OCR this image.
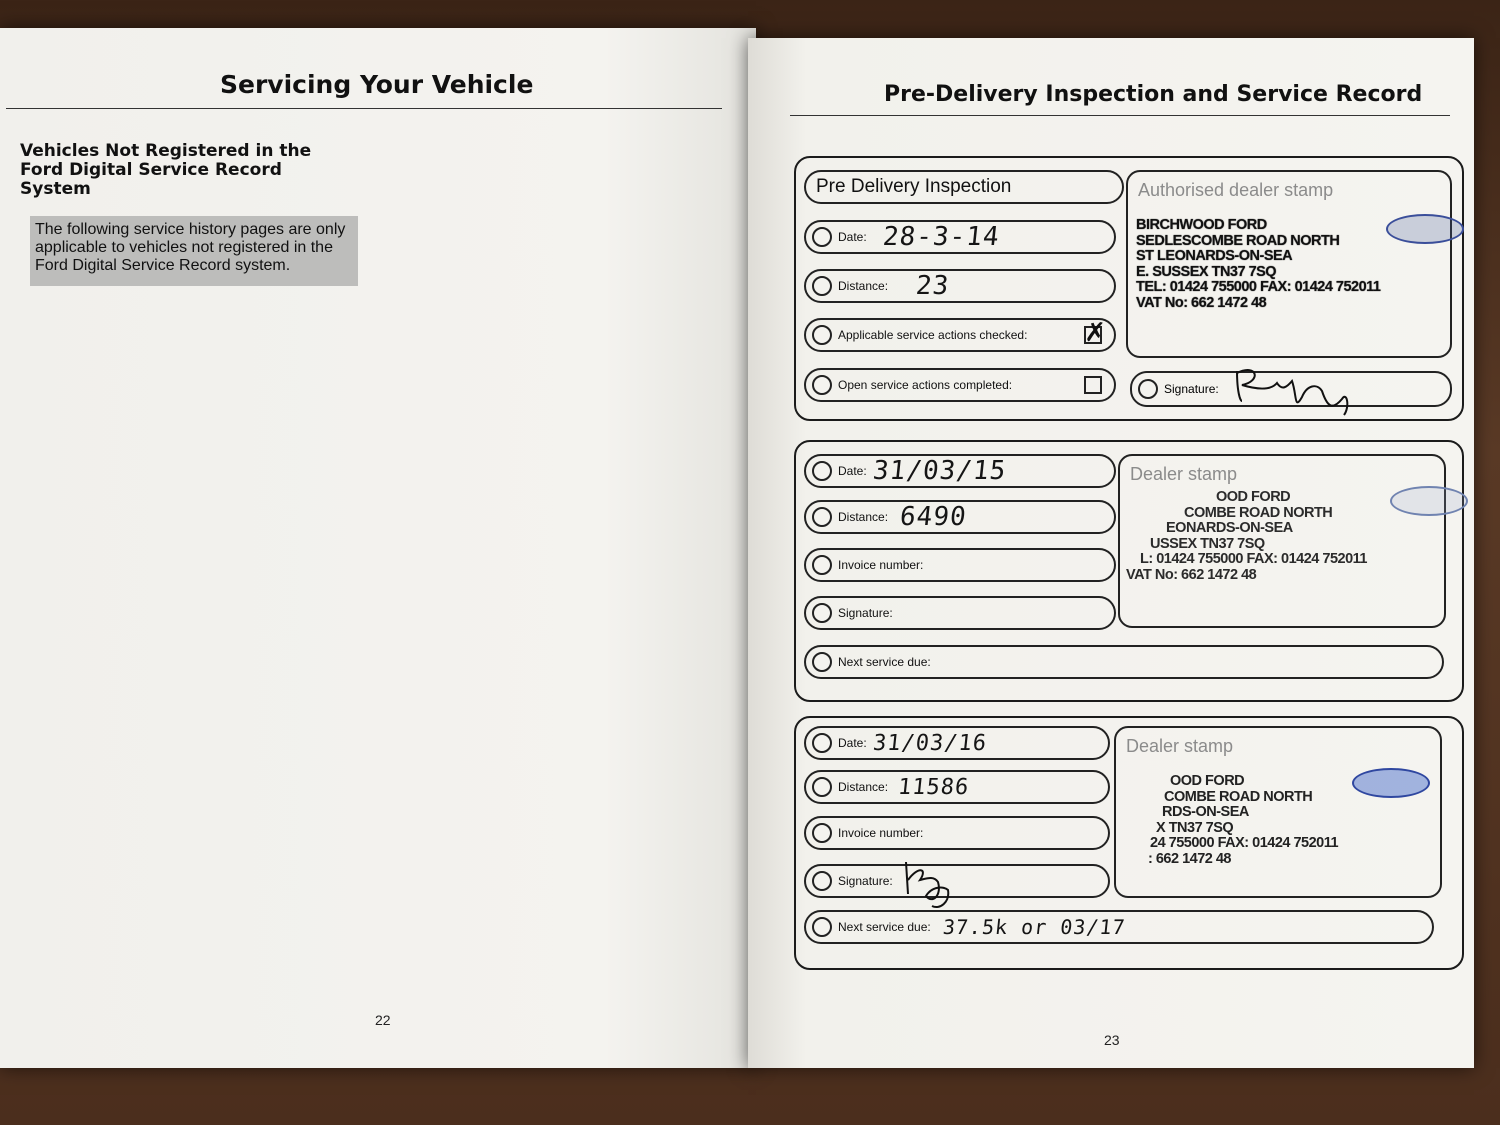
Servicing Your Vehicle
Vehicles Not Registered in the Ford Digital Service Record System
The following service history pages are only applicable to vehicles not registered in the Ford Digital Service Record system.
22
Pre-Delivery Inspection and Service Record
Pre Delivery Inspection
Date: 28-3-14
Distance: 23
Applicable service actions checked: ✗
Open service actions completed:
Authorised dealer stamp
BIRCHWOOD FORD
SEDLESCOMBE ROAD NORTH
ST LEONARDS-ON-SEA
E. SUSSEX TN37 7SQ
TEL: 01424 755000 FAX: 01424 752011
VAT No: 662 1472 48
Signature:
Date: 31/03/15
Distance: 6490
Invoice number:
Signature:
Next service due:
Dealer stamp
OOD FORD
COMBE ROAD NORTH
EONARDS-ON-SEA
USSEX TN37 7SQ
L: 01424 755000 FAX: 01424 752011
VAT No: 662 1472 48
Date: 31/03/16
Distance: 11586
Invoice number:
Signature:
Next service due: 37.5k or 03/17
Dealer stamp
OOD FORD
COMBE ROAD NORTH
RDS-ON-SEA
X TN37 7SQ
24 755000 FAX: 01424 752011
: 662 1472 48
23
